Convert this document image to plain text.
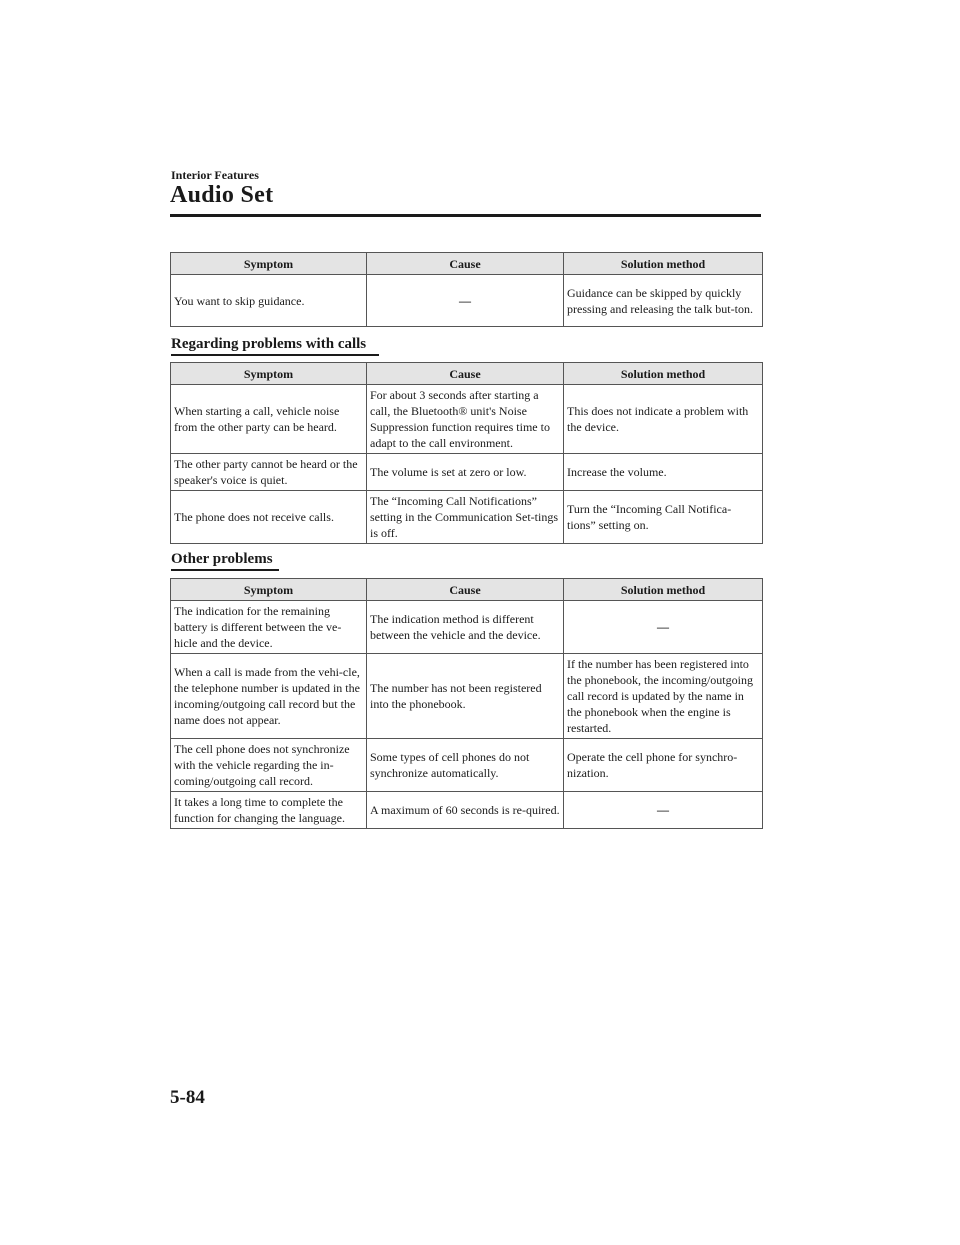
Interior Features
Audio Set
Symptom	Cause	Solution method
You want to skip guidance.	—	Guidance can be skipped by quickly pressing and releasing the talk but-ton.
Regarding problems with calls
Symptom	Cause	Solution method
When starting a call, vehicle noise from the other party can be heard.	For about 3 seconds after starting a call, the Bluetooth® unit's Noise Suppression function requires time to adapt to the call environment.	This does not indicate a problem with the device.
The other party cannot be heard or the speaker's voice is quiet.	The volume is set at zero or low.	Increase the volume.
The phone does not receive calls.	The “Incoming Call Notifications” setting in the Communication Set-tings is off.	Turn the “Incoming Call Notifica-tions” setting on.
Other problems
Symptom	Cause	Solution method
The indication for the remaining battery is different between the ve-hicle and the device.	The indication method is different between the vehicle and the device.	—
When a call is made from the vehi-cle, the telephone number is updated in the incoming/outgoing call record but the name does not appear.	The number has not been registered into the phonebook.	If the number has been registered into the phonebook, the incoming/outgoing call record is updated by the name in the phonebook when the engine is restarted.
The cell phone does not synchronize with the vehicle regarding the in-coming/outgoing call record.	Some types of cell phones do not synchronize automatically.	Operate the cell phone for synchro-nization.
It takes a long time to complete the function for changing the language.	A maximum of 60 seconds is re-quired.	—
5-84
